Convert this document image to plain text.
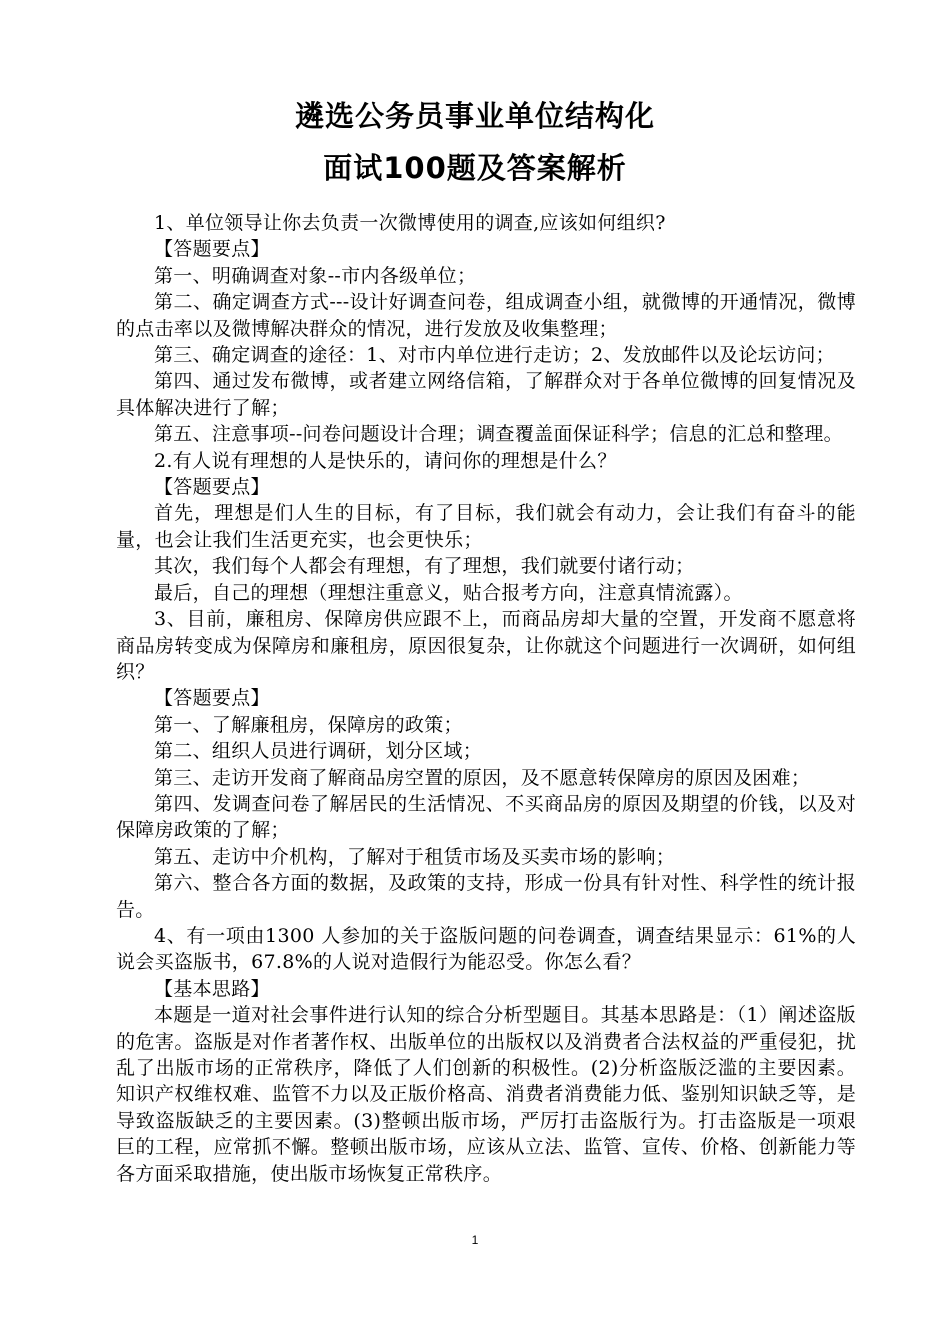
遴选公务员事业单位结构化
面试100题及答案解析

1、单位领导让你去负责一次微博使用的调查,应该如何组织?

【答题要点】

第一、明确调查对象--市内各级单位；

第二、确定调查方式---设计好调查问卷，组成调查小组，就微博的开通情况，微博的点击率以及微博解决群众的情况，进行发放及收集整理；

第三、确定调查的途径：1、对市内单位进行走访；2、发放邮件以及论坛访问；

第四、通过发布微博，或者建立网络信箱，了解群众对于各单位微博的回复情况及具体解决进行了解；

第五、注意事项--问卷问题设计合理；调查覆盖面保证科学；信息的汇总和整理。

2.有人说有理想的人是快乐的，请问你的理想是什么？

【答题要点】

首先，理想是们人生的目标，有了目标，我们就会有动力，会让我们有奋斗的能量，也会让我们生活更充实，也会更快乐；

其次，我们每个人都会有理想，有了理想，我们就要付诸行动；

最后，自己的理想（理想注重意义，贴合报考方向，注意真情流露）。

3、目前，廉租房、保障房供应跟不上，而商品房却大量的空置，开发商不愿意将商品房转变成为保障房和廉租房，原因很复杂，让你就这个问题进行一次调研，如何组织？

【答题要点】

第一、了解廉租房，保障房的政策；

第二、组织人员进行调研，划分区域；

第三、走访开发商了解商品房空置的原因，及不愿意转保障房的原因及困难；

第四、发调查问卷了解居民的生活情况、不买商品房的原因及期望的价钱，以及对保障房政策的了解；

第五、走访中介机构，了解对于租赁市场及买卖市场的影响；

第六、整合各方面的数据，及政策的支持，形成一份具有针对性、科学性的统计报告。

4、有一项由1300 人参加的关于盗版问题的问卷调查，调查结果显示：61%的人说会买盗版书，67.8%的人说对造假行为能忍受。你怎么看？

【基本思路】

本题是一道对社会事件进行认知的综合分析型题目。其基本思路是：（1）阐述盗版的危害。盗版是对作者著作权、出版单位的出版权以及消费者合法权益的严重侵犯，扰乱了出版市场的正常秩序，降低了人们创新的积极性。(2)分析盗版泛滥的主要因素。知识产权维权难、监管不力以及正版价格高、消费者消费能力低、鉴别知识缺乏等，是导致盗版缺乏的主要因素。(3)整顿出版市场，严厉打击盗版行为。打击盗版是一项艰巨的工程，应常抓不懈。整顿出版市场，应该从立法、监管、宣传、价格、创新能力等各方面采取措施，使出版市场恢复正常秩序。

1
